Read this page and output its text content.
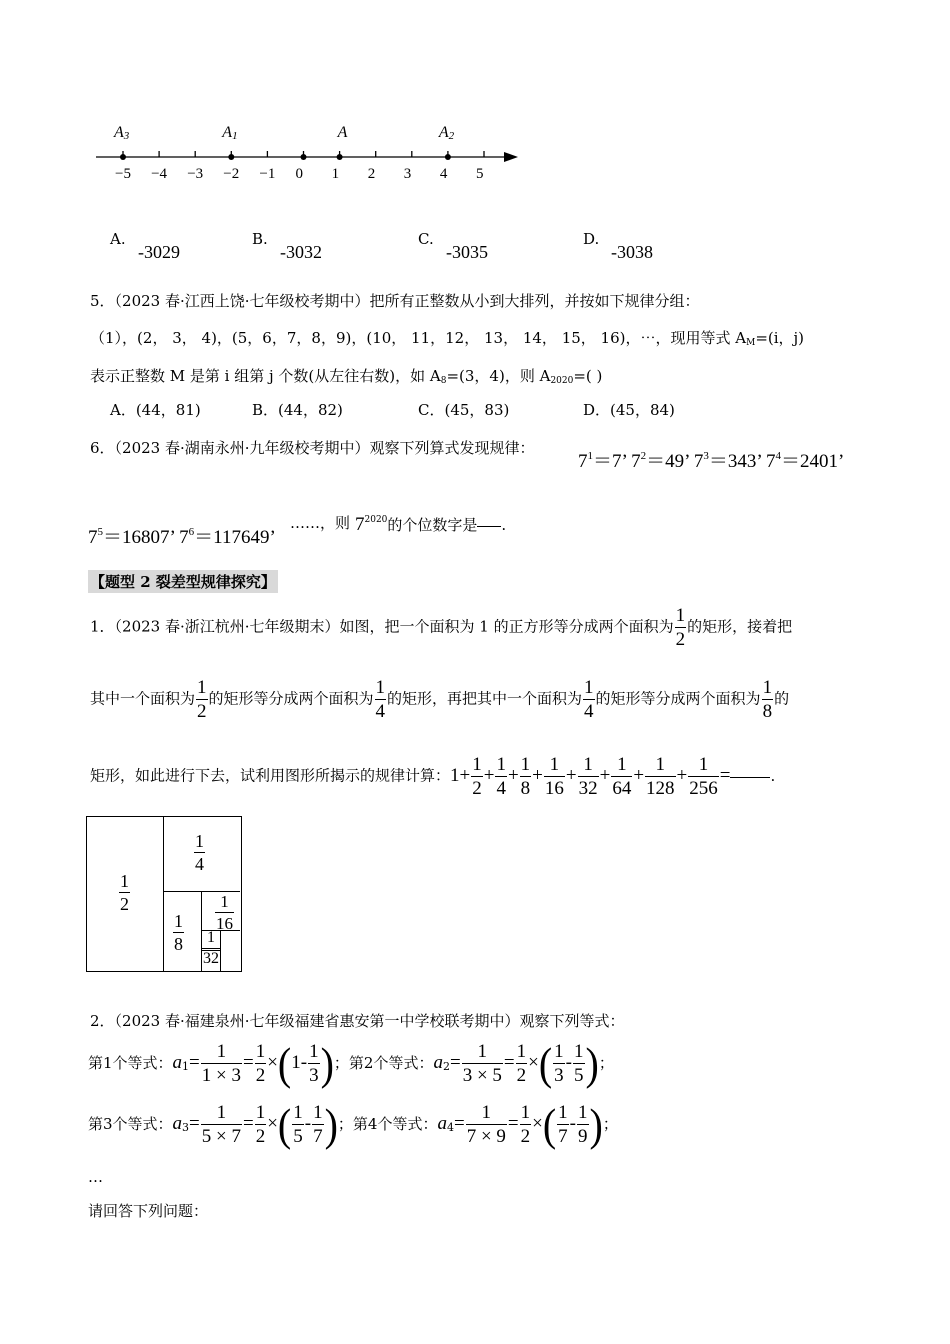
−5 −4 −3 −2 −1 0 1 2 3 4 5
$A_3$	$A_1$	A	$A_2$
A.
-3029
B.
-3032
C.
-3035
D.
-3038
5．（2023 春·江西上饶·七年级校考期中）把所有正整数从小到大排列，并按如下规律分组：
（1），(2， 3， 4)，(5，6，7，8，9)，(10， 11，12， 13， 14， 15， 16)，⋯，现用等式 $A_M=(i$，j)
表示正整数 M 是第 i 组第 j 个数(从左往右数)，如 $A_8=(3$，4)，则 $A_{2020}=$( )
A．(44，81)	B．(44，82)	C．(45，83)	D．(45，84)
6．（2023 春·湖南永州·九年级校考期中）观察下列算式发现规律：
$7^1=7$’ $7^2=49$’ $7^3=343$’ $7^4=2401$’
$7^5=16807$’ $7^6=117649$’
……，则 $7^{2020}$的个位数字是 .
【题型 2 裂差型规律探究】
1．（2023 春·浙江杭州·七年级期末）如图，把一个面积为 1 的正方形等分成两个面积为 $\frac{1}{2}$ 的矩形，接着把
其中一个面积为 $\frac{1}{2}$ 的矩形等分成两个面积为 $\frac{1}{4}$ 的矩形，再把其中一个面积为 $\frac{1}{4}$ 的矩形等分成两个面积为 $\frac{1}{8}$ 的
矩形，如此进行下去，试利用图形所揭示的规律计算：$1+ \frac{1}{2} + \frac{1}{4} + \frac{1}{8} + \frac{1}{16} + \frac{1}{32} + \frac{1}{64} + \frac{1}{128} + \frac{1}{256}$ =	.
$\frac{1}{2}$
$\frac{1}{4}$
$\frac{1}{8} \frac{1}{16}$
$\frac{1}{32}$
2．（2023 春·福建泉州·七年级福建省惠安第一中学校联考期中）观察下列等式：
第1个等式：$a_1= \frac{1}{1 \times 3} = \frac{1}{2} \times(1- \frac{1}{3}$ )；第2个等式：$a_2= \frac{1}{3 \times 5} = \frac{1}{2}$ ×( $\frac{1}{3} - \frac{1}{5}$ )；
第3个等式：$a_3= \frac{1}{5 \times 7} = \frac{1}{2}$ ×( $\frac{1}{5} - \frac{1}{7}$ )；第4个等式：$a_4= \frac{1}{7 \times 9} = \frac{1}{2}$ ×( $\frac{1}{7} - \frac{1}{9}$ )；
…
请回答下列问题：
